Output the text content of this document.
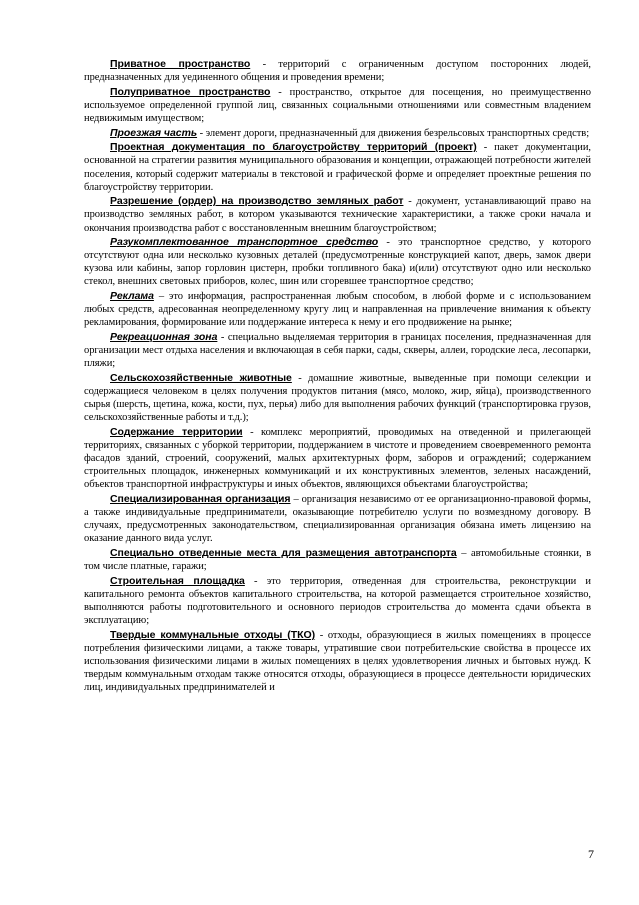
Приватное пространство - территорий с ограниченным доступом посторонних людей, предназначенных для уединенного общения и проведения времени;

Полуприватное пространство - пространство, открытое для посещения, но преимущественно используемое определенной группой лиц, связанных социальными отношениями или совместным владением недвижимым имуществом;

Проезжая часть - элемент дороги, предназначенный для движения безрельсовых транспортных средств;

Проектная документация по благоустройству территорий (проект) - пакет документации, основанной на стратегии развития муниципального образования и концепции, отражающей потребности жителей поселения, который содержит материалы в текстовой и графической форме и определяет проектные решения по благоустройству территории.

Разрешение (ордер) на производство земляных работ - документ, устанавливающий право на производство земляных работ, в котором указываются технические характеристики, а также сроки начала и окончания производства работ с восстановленным внешним благоустройством;

Разукомплектованное транспортное средство - это транспортное средство, у которого отсутствуют одна или несколько кузовных деталей (предусмотренные конструкцией капот, дверь, замок двери кузова или кабины, запор горловин цистерн, пробки топливного бака) и(или) отсутствуют одно или несколько стекол, внешних световых приборов, колес, шин или сгоревшее транспортное средство;

Реклама – это информация, распространенная любым способом, в любой форме и с использованием любых средств, адресованная неопределенному кругу лиц и направленная на привлечение внимания к объекту рекламирования, формирование или поддержание интереса к нему и его продвижение на рынке;

Рекреационная зона - специально выделяемая территория в границах поселения, предназначенная для организации мест отдыха населения и включающая в себя парки, сады, скверы, аллеи, городские леса, лесопарки, пляжи;

Сельскохозяйственные животные - домашние животные, выведенные при помощи селекции и содержащиеся человеком в целях получения продуктов питания (мясо, молоко, жир, яйца), производственного сырья (шерсть, щетина, кожа, кости, пух, перья) либо для выполнения рабочих функций (транспортировка грузов, сельскохозяйственные работы и т.д.);

Содержание территории - комплекс мероприятий, проводимых на отведенной и прилегающей территориях, связанных с уборкой территории, поддержанием в чистоте и проведением своевременного ремонта фасадов зданий, строений, сооружений, малых архитектурных форм, заборов и ограждений; содержанием строительных площадок, инженерных коммуникаций и их конструктивных элементов, зеленых насаждений, объектов транспортной инфраструктуры и иных объектов, являющихся объектами благоустройства;

Специализированная организация – организация независимо от ее организационно-правовой формы, а также индивидуальные предприниматели, оказывающие потребителю услуги по возмездному договору. В случаях, предусмотренных законодательством, специализированная организация обязана иметь лицензию на оказание данного вида услуг.

Специально отведенные места для размещения автотранспорта – автомобильные стоянки, в том числе платные, гаражи;

Строительная площадка - это территория, отведенная для строительства, реконструкции и капитального ремонта объектов капитального строительства, на которой размещается строительное хозяйство, выполняются работы подготовительного и основного периодов строительства до момента сдачи объекта в эксплуатацию;

Твердые коммунальные отходы (ТКО) - отходы, образующиеся в жилых помещениях в процессе потребления физическими лицами, а также товары, утратившие свои потребительские свойства в процессе их использования физическими лицами в жилых помещениях в целях удовлетворения личных и бытовых нужд. К твердым коммунальным отходам также относятся отходы, образующиеся в процессе деятельности юридических лиц, индивидуальных предпринимателей и

7
